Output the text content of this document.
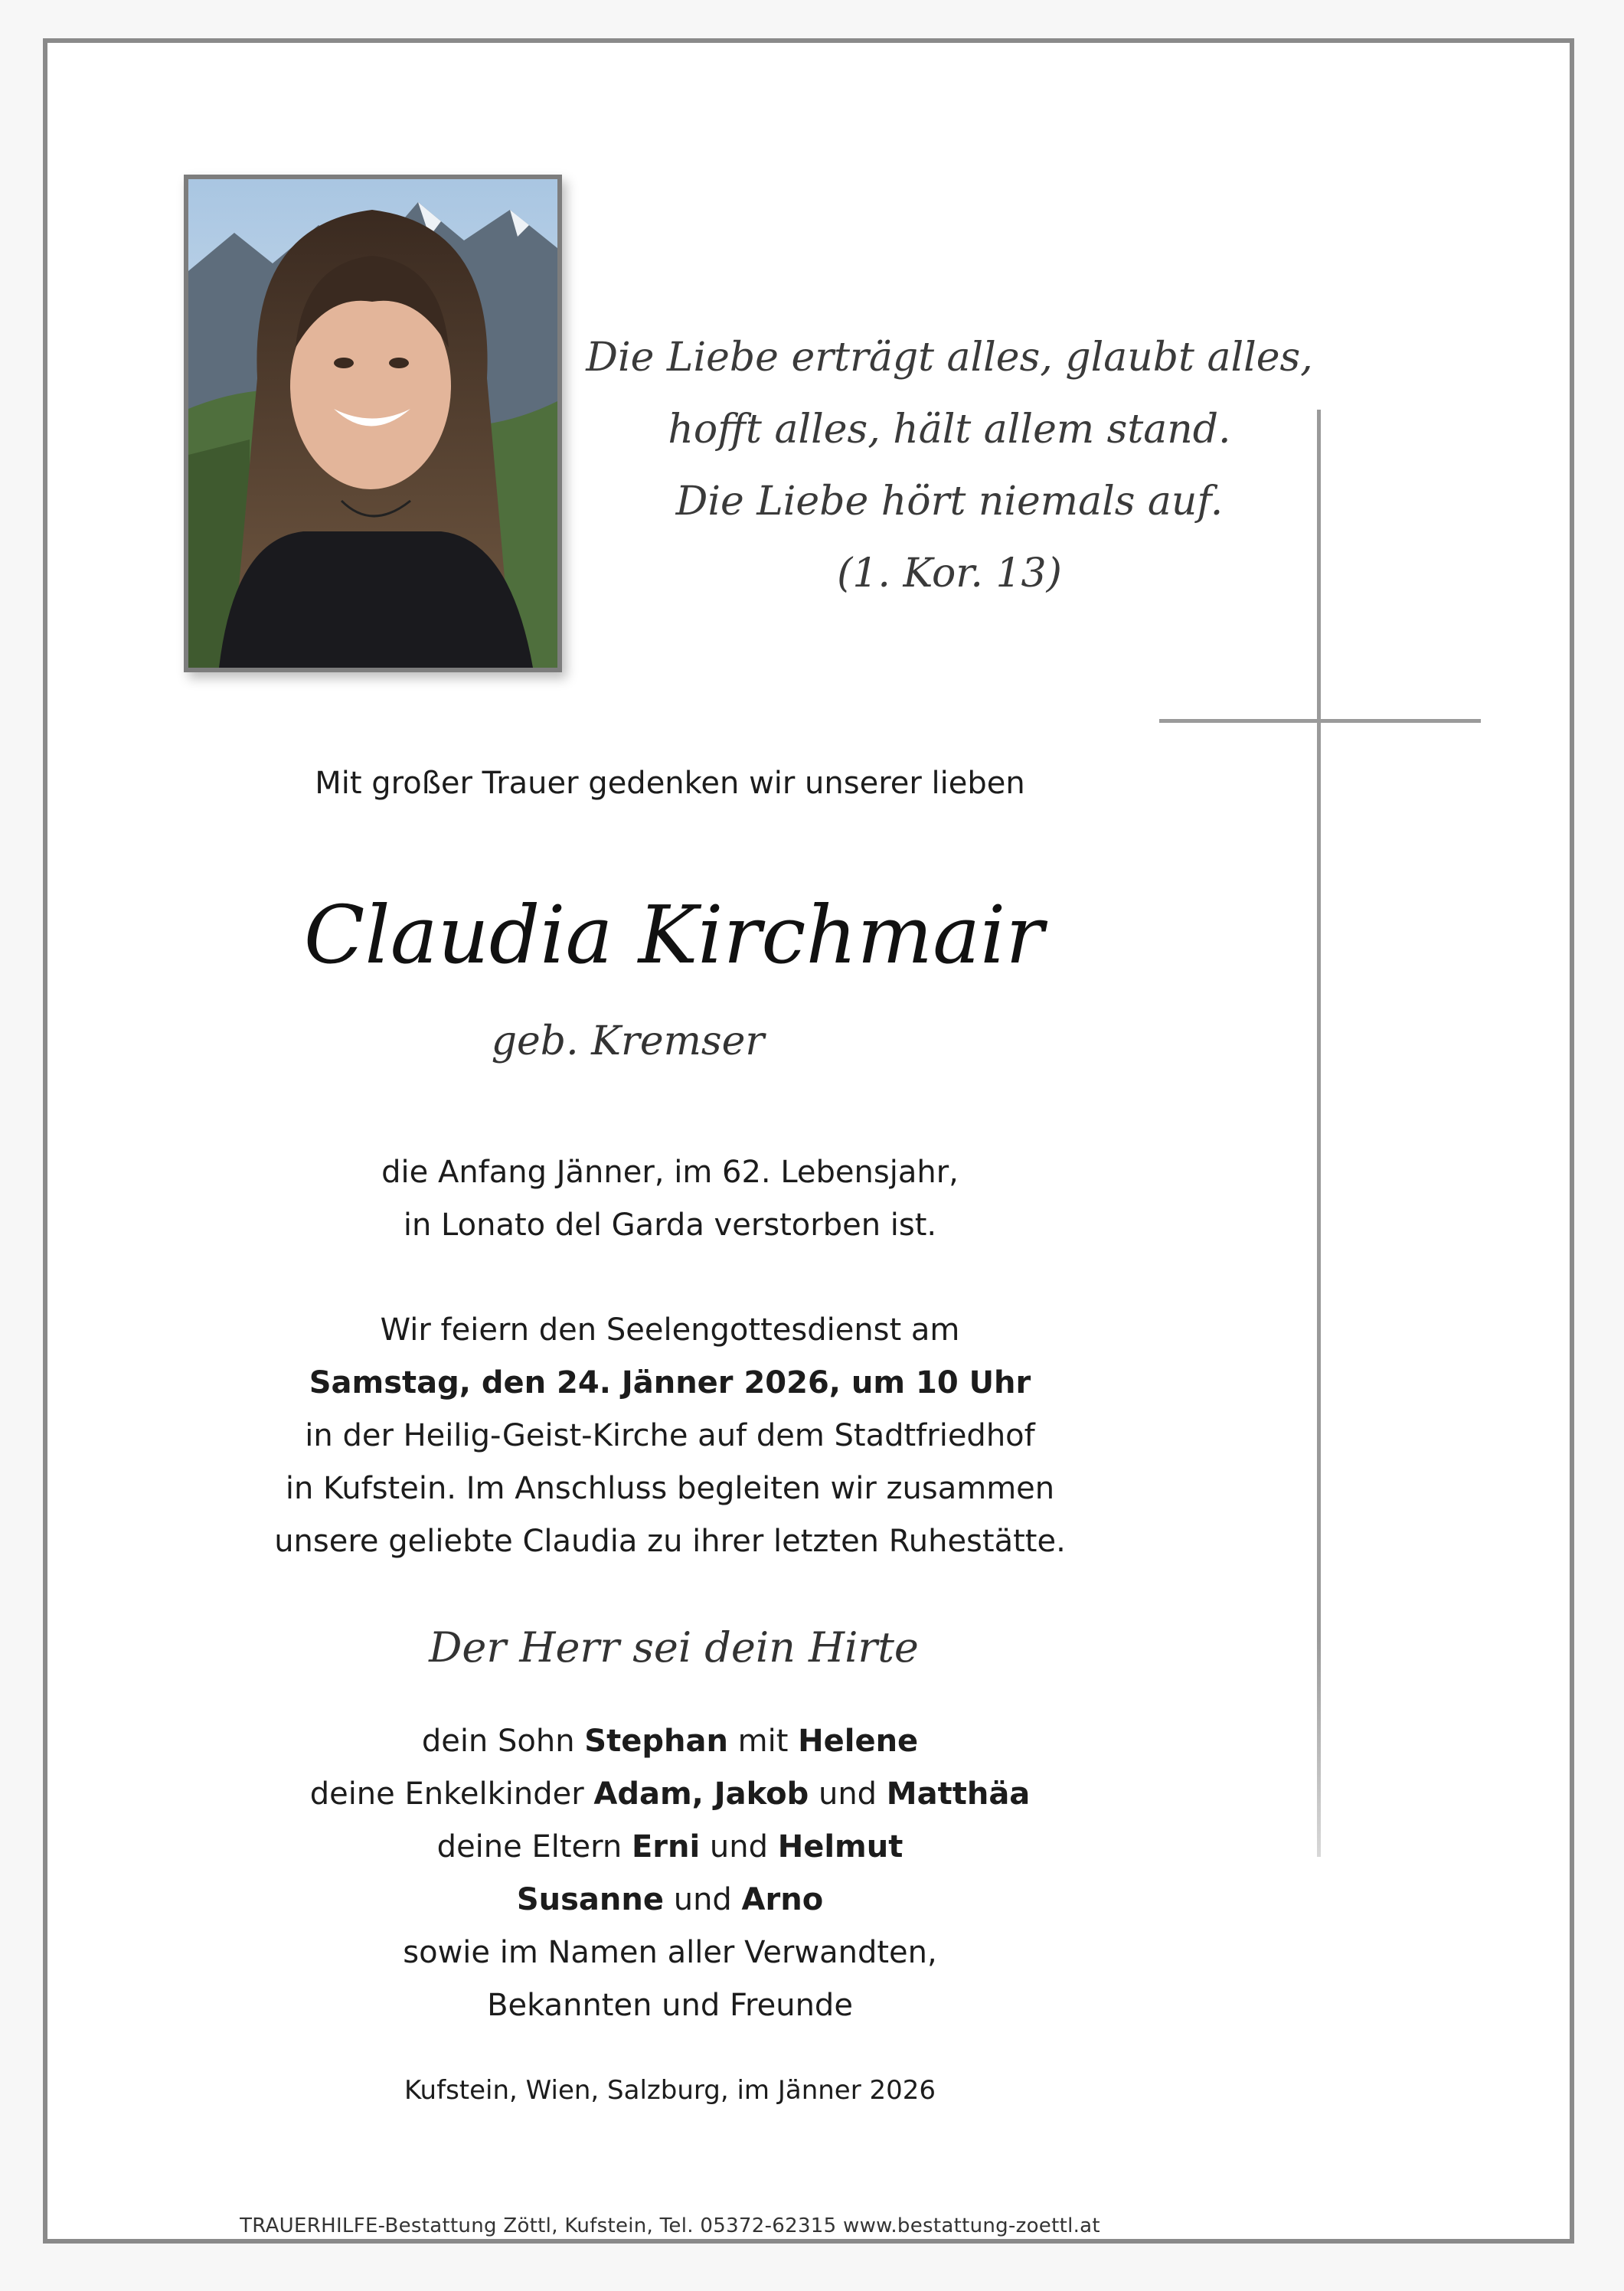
Die Liebe erträgt alles, glaubt alles,
hofft alles, hält allem stand.
Die Liebe hört niemals auf.
(1. Kor. 13)
Mit großer Trauer gedenken wir unserer lieben
Claudia Kirchmair
geb. Kremser
die Anfang Jänner, im 62. Lebensjahr,
in Lonato del Garda verstorben ist.
Wir feiern den Seelengottesdienst am
Samstag, den 24. Jänner 2026, um 10 Uhr
in der Heilig-Geist-Kirche auf dem Stadtfriedhof
in Kufstein. Im Anschluss begleiten wir zusammen
unsere geliebte Claudia zu ihrer letzten Ruhestätte.
Der Herr sei dein Hirte
dein Sohn Stephan mit Helene
deine Enkelkinder Adam, Jakob und Matthäa
deine Eltern Erni und Helmut
Susanne und Arno
sowie im Namen aller Verwandten,
Bekannten und Freunde
Kufstein, Wien, Salzburg, im Jänner 2026
TRAUERHILFE-Bestattung Zöttl, Kufstein, Tel. 05372-62315 www.bestattung-zoettl.at
